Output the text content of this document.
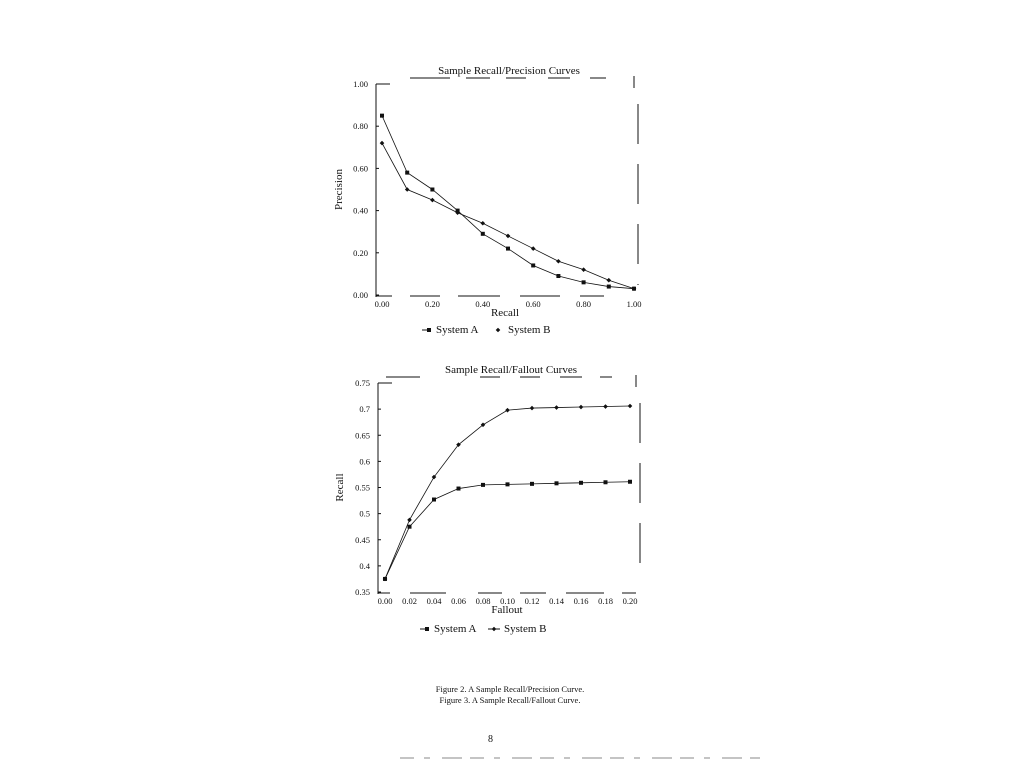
Sample Recall/Precision Curves
0.00
0.20
0.40
0.60
0.80
1.00
0.00	0.20	0.40	0.60	0.80	1.00
Recall
Precision
System A	System B
Sample Recall/Fallout Curves
0.35
0.4
0.45
0.5
0.55
0.6
0.65
0.7
0.75
0.00 0.02 0.04 0.06 0.08 0.10 0.12 0.14 0.16 0.18 0.20
Fallout
Recall
System A	System B
Figure 2. A Sample Recall/Precision Curve.
Figure 3. A Sample Recall/Fallout Curve.
8
